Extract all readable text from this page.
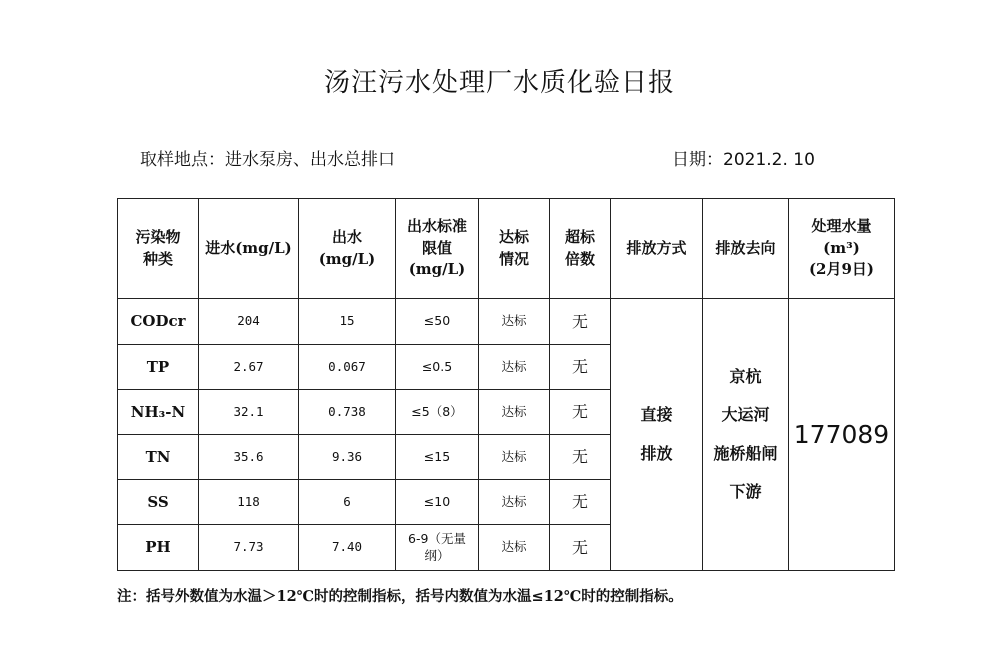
汤汪污水处理厂水质化验日报
取样地点：进水泵房、出水总排口	日期：2021.2. 10
污染物
种类	进水(mg/L)	出水
(mg/L)	出水标准
限值
(mg/L)	达标
情况	超标
倍数	排放方式	排放去向	处理水量
(m³)
(2月9日)
CODcr	204	15	≤50	达标	无	直接
排放	京杭
大运河
施桥船闸
下游	177089
TP	2.67	0.067	≤0.5	达标	无			
NH₃-N	32.1	0.738	≤5（8）	达标	无			
TN	35.6	9.36	≤15	达标	无			
SS	118	6	≤10	达标	无			
PH	7.73	7.40	6-9（无量
纲）	达标	无			
注：括号外数值为水温＞12℃时的控制指标，括号内数值为水温≤12℃时的控制指标。
